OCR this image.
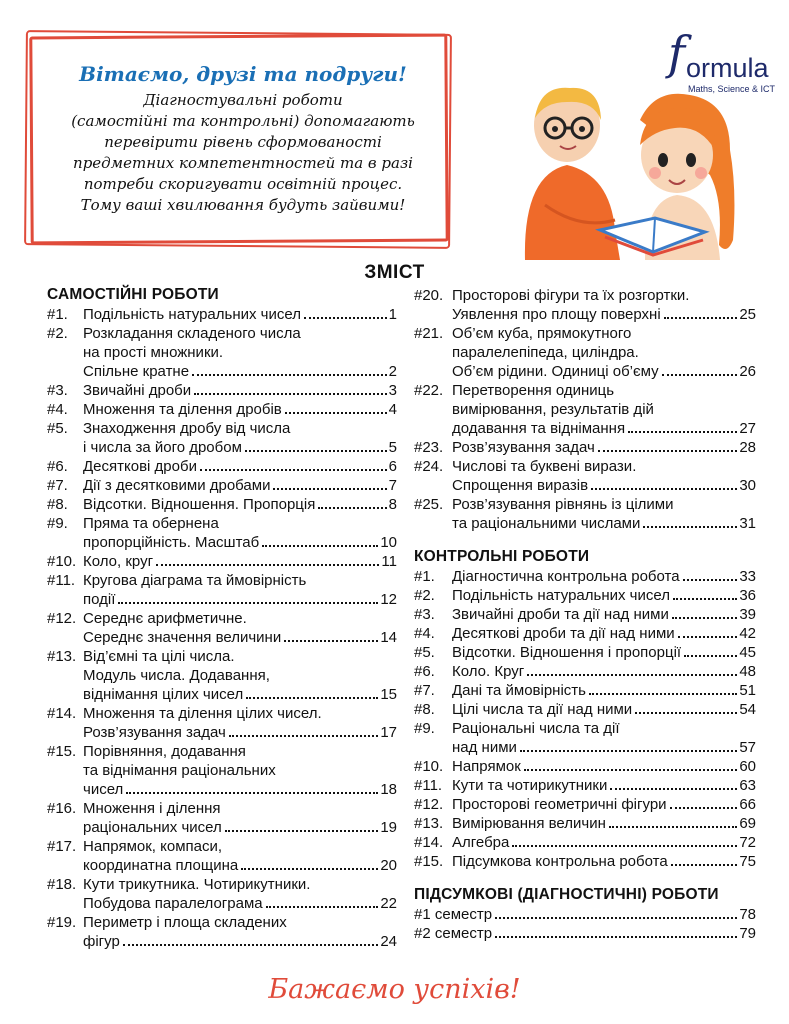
Вітаємо, друзі та подруги!
Діагностувальні роботи
(самостійні та контрольні) допомагають
перевірити рівень сформованості
предметних компетентностей та в разі
потреби скоригувати освітній процес.
Тому ваші хвилювання будуть зайвими!
f ormula
Maths, Science & ICT
ЗМІСТ
САМОСТІЙНІ РОБОТИ
#1.	Подільність натуральних чисел	1
#2.	Розкладання складеного числа
на прості множники.
Спільне кратне	2
#3.	Звичайні дроби	3
#4.	Множення та ділення дробів	4
#5.	Знаходження дробу від числа
і числа за його дробом	5
#6.	Десяткові дроби	6
#7.	Дії з десятковими дробами	7
#8.	Відсотки. Відношення. Пропорція	8
#9.	Пряма та обернена
пропорційність. Масштаб	10
#10. Коло, круг	11
#11. Кругова діаграма та ймовірність
події	12
#12. Середнє арифметичне.
Середнє значення величини	14
#13. Від’ємні та цілі числа.
Модуль числа. Додавання,
віднімання цілих чисел	15
#14. Множення та ділення цілих чисел.
Розв’язування задач	17
#15. Порівняння, додавання
та віднімання раціональних
чисел	18
#16. Множення і ділення
раціональних чисел	19
#17. Напрямок, компаси,
координатна площина	20
#18. Кути трикутника. Чотирикутники.
Побудова паралелограма	22
#19. Периметр і площа складених
фігур	24
#20. Просторові фігури та їх розгортки.
Уявлення про площу поверхні	25
#21. Об’єм куба, прямокутного
паралелепіпеда, циліндра.
Об’єм рідини. Одиниці об’єму	26
#22. Перетворення одиниць
вимірювання, результатів дій
додавання та віднімання	27
#23. Розв’язування задач	28
#24. Числові та буквені вирази.
Спрощення виразів	30
#25. Розв’язування рівнянь із цілими
та раціональними числами	31
КОНТРОЛЬНІ РОБОТИ
#1.	Діагностична контрольна робота	33
#2.	Подільність натуральних чисел	36
#3.	Звичайні дроби та дії над ними	39
#4.	Десяткові дроби та дії над ними	42
#5.	Відсотки. Відношення і пропорції	45
#6.	Коло. Круг	48
#7.	Дані та ймовірність	51
#8.	Цілі числа та дії над ними	54
#9.	Раціональні числа та дії
над ними	57
#10. Напрямок	60
#11. Кути та чотирикутники	63
#12. Просторові геометричні фігури	66
#13. Вимірювання величин	69
#14. Алгебра	72
#15. Підсумкова контрольна робота	75
ПІДСУМКОВІ (ДІАГНОСТИЧНІ) РОБОТИ
#1 семестр	78
#2 семестр	79
Бажаємо успіхів!
